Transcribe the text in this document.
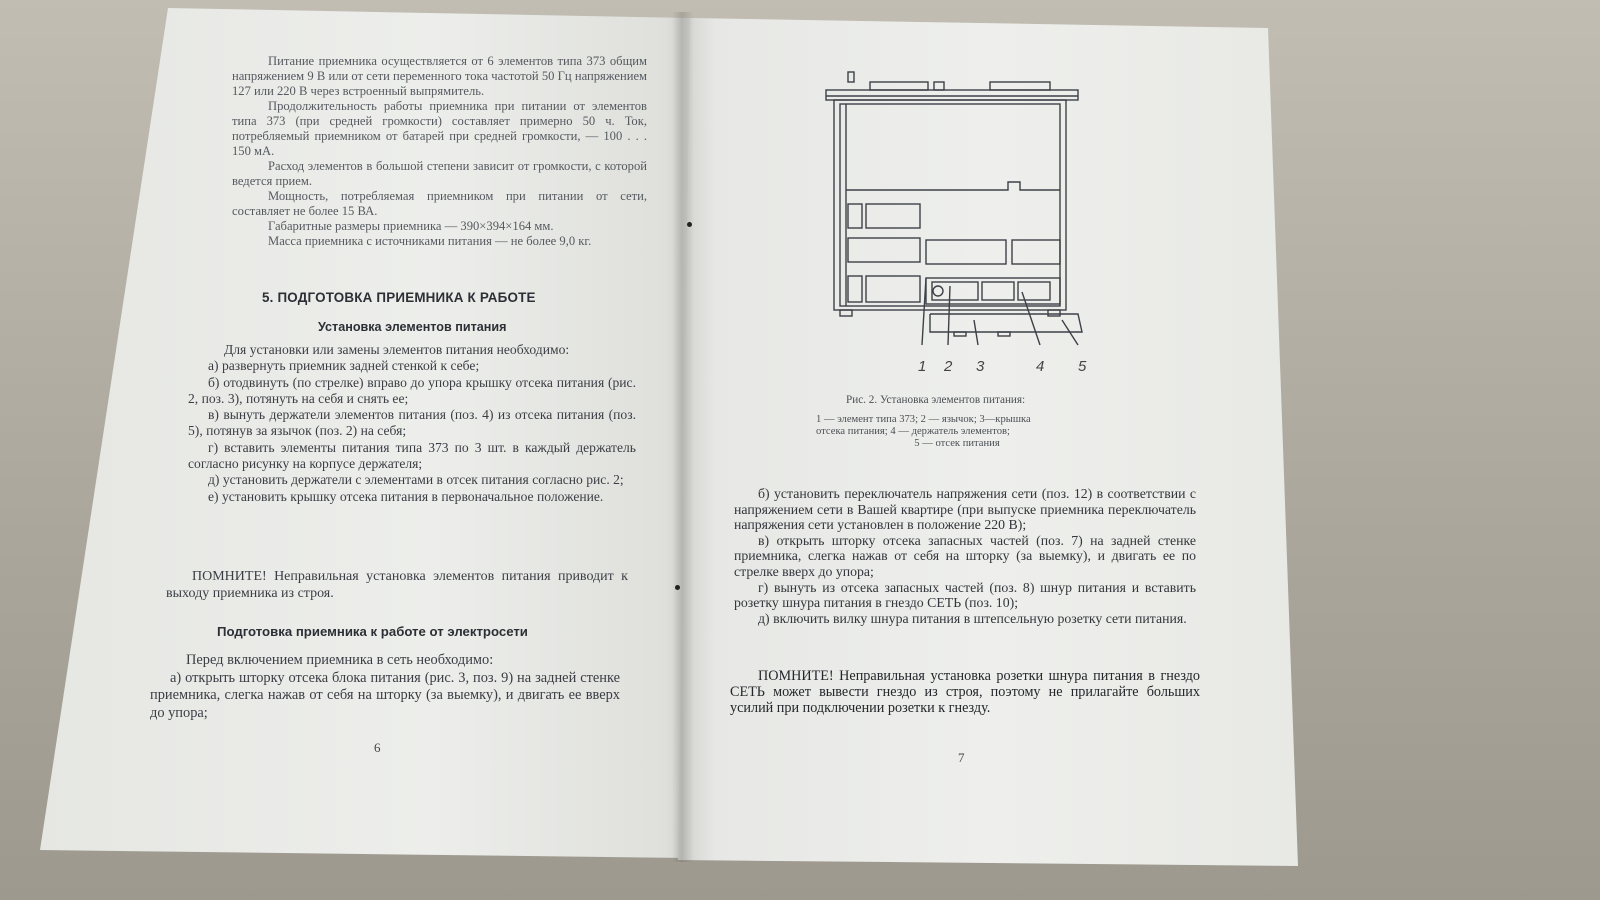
Питание приемника осуществляется от 6 элементов типа 373 общим напряжением 9 В или от сети переменного тока частотой 50 Гц напряжением 127 или 220 В через встроенный выпрямитель.

Продолжительность работы приемника при питании от элементов типа 373 (при средней громкости) составляет примерно 50 ч. Ток, потребляемый приемником от батарей при средней громкости, — 100 . . . 150 мА.

Расход элементов в большой степени зависит от громкости, с которой ведется прием.

Мощность, потребляемая приемником при питании от сети, составляет не более 15 ВА.

Габаритные размеры приемника — 390×394×164 мм.

Масса приемника с источниками питания — не более 9,0 кг.

5. ПОДГОТОВКА ПРИЕМНИКА К РАБОТЕ
Установка элементов питания

Для установки или замены элементов питания необходимо:

а) развернуть приемник задней стенкой к себе;

б) отодвинуть (по стрелке) вправо до упора крышку отсека питания (рис. 2, поз. 3), потянуть на себя и снять ее;

в) вынуть держатели элементов питания (поз. 4) из отсека питания (поз. 5), потянув за язычок (поз. 2) на себя;

г) вставить элементы питания типа 373 по 3 шт. в каждый держатель согласно рисунку на корпусе держателя;

д) установить держатели с элементами в отсек питания согласно рис. 2;

е) установить крышку отсека питания в первоначальное положение.

ПОМНИТЕ! Неправильная установка элементов питания приводит к выходу приемника из строя.
Подготовка приемника к работе от электросети

Перед включением приемника в сеть необходимо:

а) открыть шторку отсека блока питания (рис. 3, поз. 9) на задней стенке приемника, слегка нажав от себя на шторку (за выемку), и двигать ее вверх до упора;

6
1 2 3	4 5
Рис. 2. Установка элементов питания:
1 — элемент типа 373; 2 — язычок; 3—крышка
отсека питания; 4 — держатель элементов;
5 — отсек питания

б) установить переключатель напряжения сети (поз. 12) в соответствии с напряжением сети в Вашей квартире (при выпуске приемника переключатель напряжения сети установлен в положение 220 В);

в) открыть шторку отсека запасных частей (поз. 7) на задней стенке приемника, слегка нажав от себя на шторку (за выемку), и двигать ее по стрелке вверх до упора;

г) вынуть из отсека запасных частей (поз. 8) шнур питания и вставить розетку шнура питания в гнездо СЕТЬ (поз. 10);

д) включить вилку шнура питания в штепсельную розетку сети питания.

ПОМНИТЕ! Неправильная установка розетки шнура питания в гнездо СЕТЬ может вывести гнездо из строя, поэтому не прилагайте больших усилий при подключении розетки к гнезду.
7
